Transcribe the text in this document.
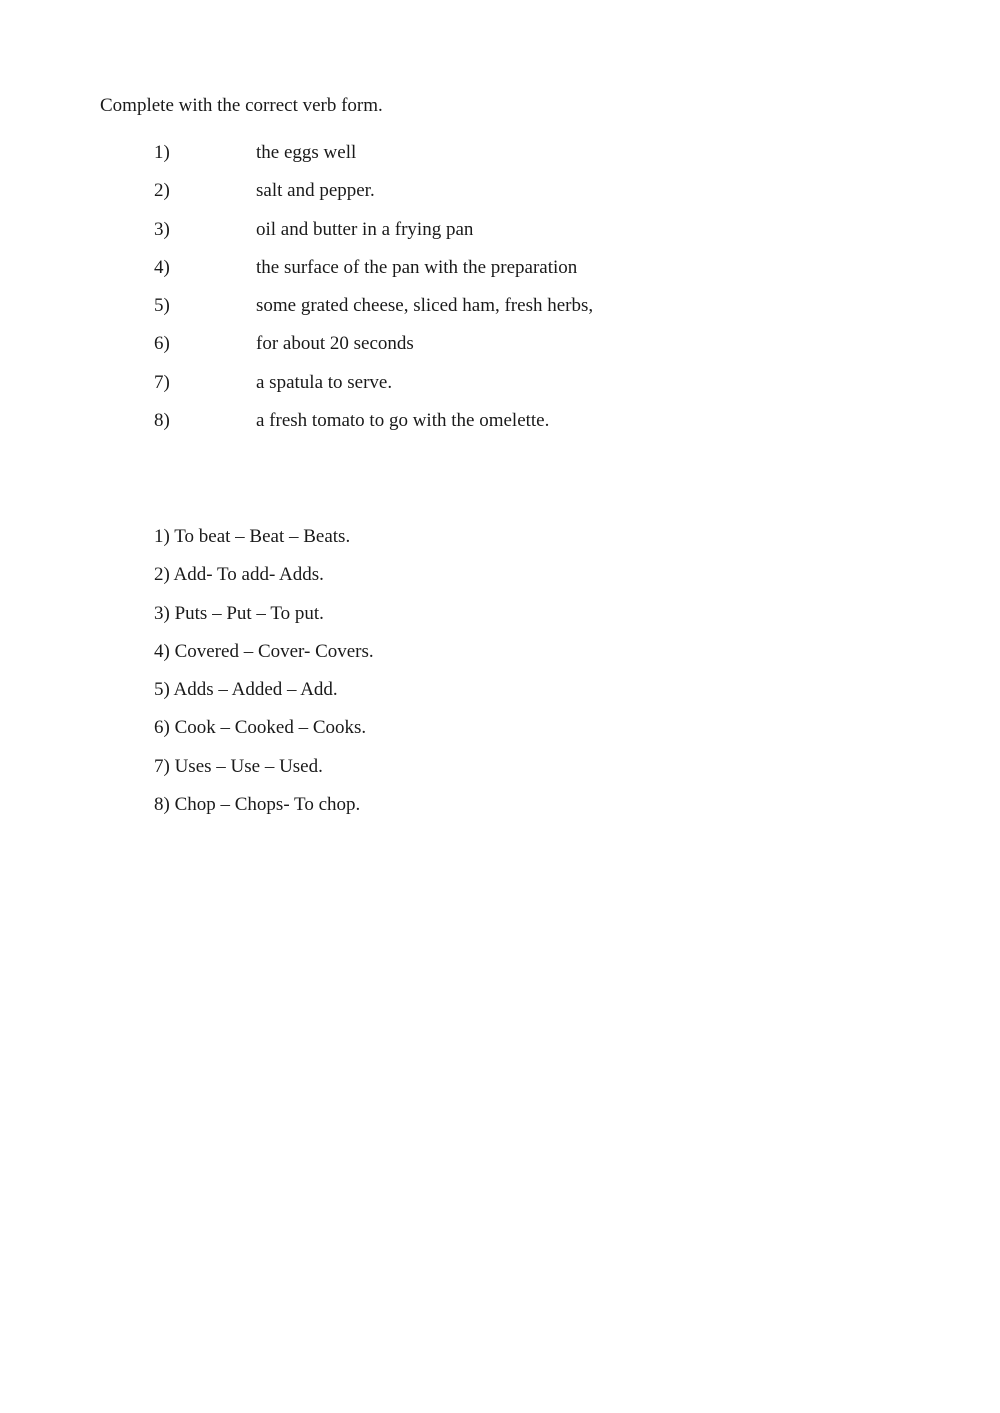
Complete with the correct verb form.
1)	the eggs well
2)	salt and pepper.
3)	oil and butter in a frying pan
4)	the surface of the pan with the preparation
5)	some grated cheese, sliced ham, fresh herbs,
6)	for about 20 seconds
7)	a spatula to serve.
8)	a fresh tomato to go with the omelette.
1) To beat – Beat – Beats.
2) Add- To add- Adds.
3) Puts – Put – To put.
4) Covered – Cover- Covers.
5) Adds – Added – Add.
6) Cook – Cooked – Cooks.
7) Uses – Use – Used.
8) Chop – Chops- To chop.
